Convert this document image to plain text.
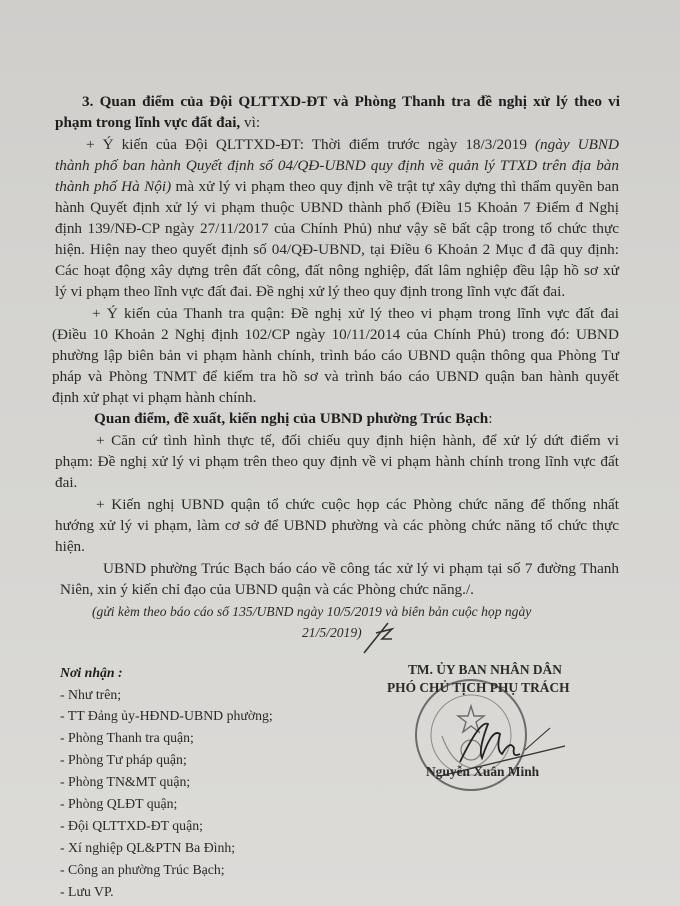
3. Quan điểm của Đội QLTTXD-ĐT và Phòng Thanh tra đề nghị xử lý theo vi
phạm trong lĩnh vực đất đai, vì:
+ Ý kiến của Đội QLTTXD-ĐT: Thời điểm trước ngày 18/3/2019 (ngày UBND
thành phố ban hành Quyết định số 04/QĐ-UBND quy định về quản lý TTXD trên địa bàn
thành phố Hà Nội) mà xử lý vi phạm theo quy định về trật tự xây dựng thì thẩm quyền ban
hành Quyết định xử lý vi phạm thuộc UBND thành phố (Điều 15 Khoản 7 Điểm đ Nghị
định 139/NĐ-CP ngày 27/11/2017 của Chính Phủ) như vậy sẽ bất cập trong tổ chức thực
hiện. Hiện nay theo quyết định số 04/QĐ-UBND, tại Điều 6 Khoản 2 Mục đ đã quy định:
Các hoạt động xây dựng trên đất công, đất nông nghiệp, đất lâm nghiệp đều lập hồ sơ xử
lý vi phạm theo lĩnh vực đất đai. Đề nghị xử lý theo quy định trong lĩnh vực đất đai.
+ Ý kiến của Thanh tra quận: Đề nghị xử lý theo vi phạm trong lĩnh vực đất đai
(Điều 10 Khoản 2 Nghị định 102/CP ngày 10/11/2014 của Chính Phủ) trong đó: UBND
phường lập biên bản vi phạm hành chính, trình báo cáo UBND quận thông qua Phòng Tư
pháp và Phòng TNMT để kiểm tra hồ sơ và trình báo cáo UBND quận ban hành quyết
định xử phạt vi phạm hành chính.
Quan điểm, đề xuất, kiến nghị của UBND phường Trúc Bạch:
+ Căn cứ tình hình thực tế, đối chiếu quy định hiện hành, để xử lý dứt điểm vi
phạm: Đề nghị xử lý vi phạm trên theo quy định về vi phạm hành chính trong lĩnh vực đất
đai.
+ Kiến nghị UBND quận tổ chức cuộc họp các Phòng chức năng để thống nhất
hướng xử lý vi phạm, làm cơ sở để UBND phường và các phòng chức năng tổ chức thực
hiện.
UBND phường Trúc Bạch báo cáo về công tác xử lý vi phạm tại số 7 đường Thanh
Niên, xin ý kiến chỉ đạo của UBND quận và các Phòng chức năng./.
(gửi kèm theo báo cáo số 135/UBND ngày 10/5/2019 và biên bản cuộc họp ngày
21/5/2019)
Nơi nhận :
- Như trên;
- TT Đảng ủy-HĐND-UBND phường;
- Phòng Thanh tra quận;
- Phòng Tư pháp quận;
- Phòng TN&MT quận;
- Phòng QLĐT quận;
- Đội QLTTXD-ĐT quận;
- Xí nghiệp QL&PTN Ba Đình;
- Công an phường Trúc Bạch;
- Lưu VP.
TM. ỦY BAN NHÂN DÂN
PHÓ CHỦ TỊCH PHỤ TRÁCH
Nguyễn Xuân Minh
